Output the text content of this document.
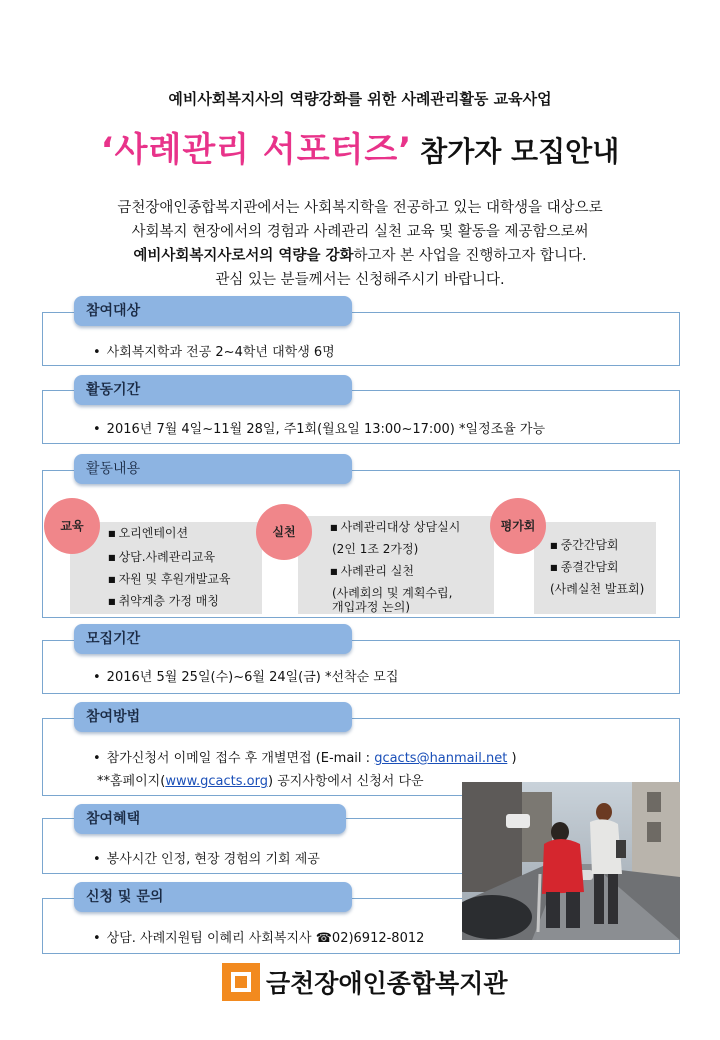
예비사회복지사의 역량강화를 위한 사례관리활동 교육사업
‘사례관리 서포터즈’ 참가자 모집안내
금천장애인종합복지관에서는 사회복지학을 전공하고 있는 대학생을 대상으로
사회복지 현장에서의 경험과 사례관리 실천 교육 및 활동을 제공함으로써
예비사회복지사로서의 역량을 강화하고자 본 사업을 진행하고자 합니다.
관심 있는 분들께서는 신청해주시기 바랍니다.
• 사회복지학과 전공 2~4학년 대학생 6명
참여대상
• 2016년 7월 4일~11월 28일, 주1회(월요일 13:00~17:00) *일정조율 가능
활동기간
활동내용
■ 오리엔테이션
■ 상담.사례관리교육
■ 자원 및 후원개발교육
■ 취약계층 가정 매칭
교육	■ 사례관리대상 상담실시
(2인 1조 2가정)
■ 사례관리 실천
(사례회의 및 계획수립,
개입과정 논의)
실천
■ 중간간담회
■ 종결간담회
(사례실천 발표회)
평가회
• 2016년 5월 25일(수)~6월 24일(금) *선착순 모집
모집기간
• 참가신청서 이메일 접수 후 개별면접 (E-mail : gcacts@hanmail.net )
**홈페이지(www.gcacts.org) 공지사항에서 신청서 다운
참여방법
• 봉사시간 인정, 현장 경험의 기회 제공
참여혜택
• 상담. 사례지원팀 이혜리 사회복지사 ☎02)6912-8012
신청 및 문의
금천장애인종합복지관
